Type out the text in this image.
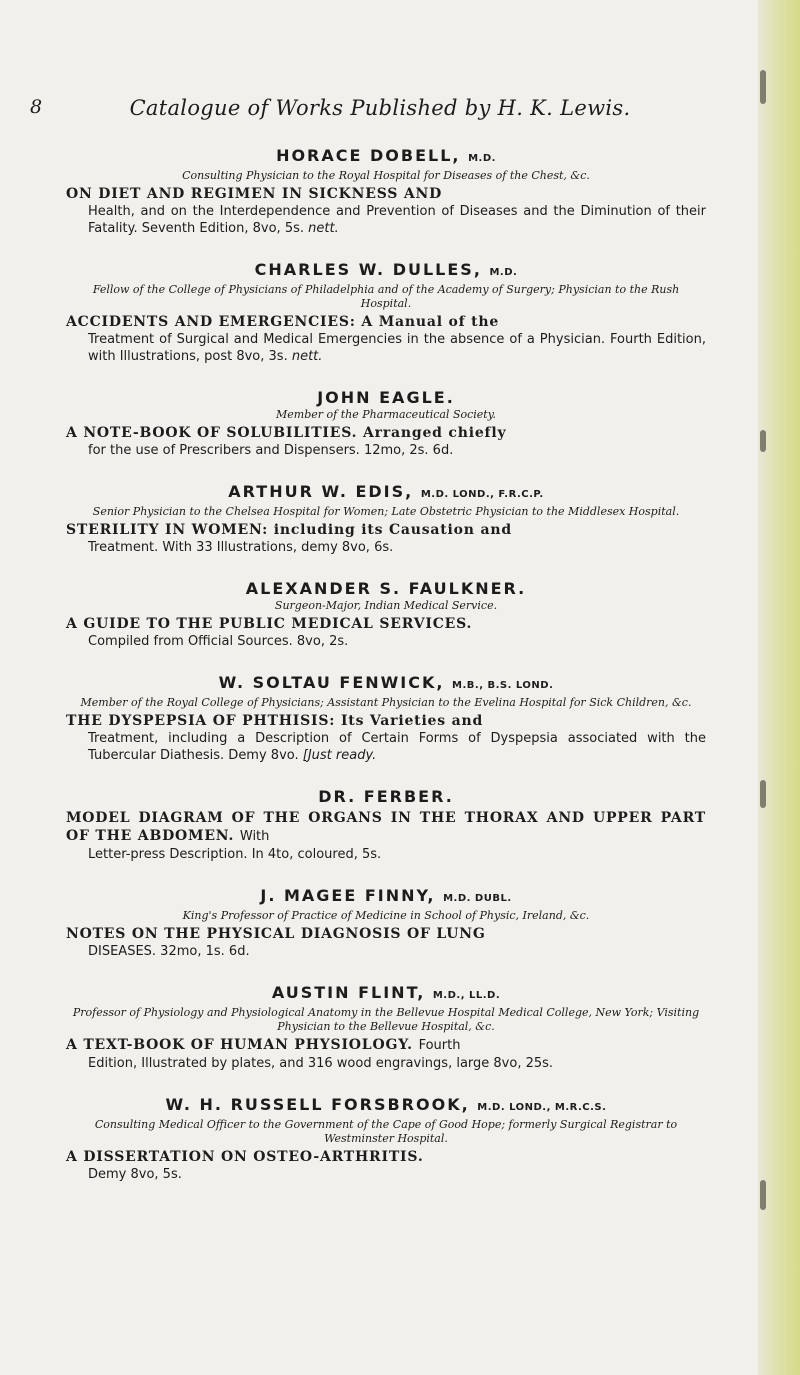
8	Catalogue of Works Published by H. K. Lewis.
HORACE DOBELL, M.D.
Consulting Physician to the Royal Hospital for Diseases of the Chest, &c.
ON DIET AND REGIMEN IN SICKNESS AND
Health, and on the Interdependence and Prevention of Diseases and the Diminution of their Fatality. Seventh Edition, 8vo, 5s. nett.
CHARLES W. DULLES, M.D.
Fellow of the College of Physicians of Philadelphia and of the Academy of Surgery; Physician to the Rush Hospital.
ACCIDENTS AND EMERGENCIES: A Manual of the
Treatment of Surgical and Medical Emergencies in the absence of a Physician. Fourth Edition, with Illustrations, post 8vo, 3s. nett.
JOHN EAGLE.
Member of the Pharmaceutical Society.
A NOTE-BOOK OF SOLUBILITIES. Arranged chiefly
for the use of Prescribers and Dispensers. 12mo, 2s. 6d.
ARTHUR W. EDIS, M.D. LOND., F.R.C.P.
Senior Physician to the Chelsea Hospital for Women; Late Obstetric Physician to the Middlesex Hospital.
STERILITY IN WOMEN: including its Causation and
Treatment. With 33 Illustrations, demy 8vo, 6s.
ALEXANDER S. FAULKNER.
Surgeon-Major, Indian Medical Service.
A GUIDE TO THE PUBLIC MEDICAL SERVICES.
Compiled from Official Sources. 8vo, 2s.
W. SOLTAU FENWICK, M.B., B.S. LOND.
Member of the Royal College of Physicians; Assistant Physician to the Evelina Hospital for Sick Children, &c.
THE DYSPEPSIA OF PHTHISIS: Its Varieties and
Treatment, including a Description of Certain Forms of Dyspepsia associated with the Tubercular Diathesis. Demy 8vo. [Just ready.
DR. FERBER.
MODEL DIAGRAM OF THE ORGANS IN THE THORAX AND UPPER PART OF THE ABDOMEN. With
Letter-press Description. In 4to, coloured, 5s.
J. MAGEE FINNY, M.D. DUBL.
King's Professor of Practice of Medicine in School of Physic, Ireland, &c.
NOTES ON THE PHYSICAL DIAGNOSIS OF LUNG
DISEASES. 32mo, 1s. 6d.
AUSTIN FLINT, M.D., LL.D.
Professor of Physiology and Physiological Anatomy in the Bellevue Hospital Medical College, New York; Visiting Physician to the Bellevue Hospital, &c.
A TEXT-BOOK OF HUMAN PHYSIOLOGY. Fourth
Edition, Illustrated by plates, and 316 wood engravings, large 8vo, 25s.
W. H. RUSSELL FORSBROOK, M.D. LOND., M.R.C.S.
Consulting Medical Officer to the Government of the Cape of Good Hope; formerly Surgical Registrar to Westminster Hospital.
A DISSERTATION ON OSTEO-ARTHRITIS.
Demy 8vo, 5s.
